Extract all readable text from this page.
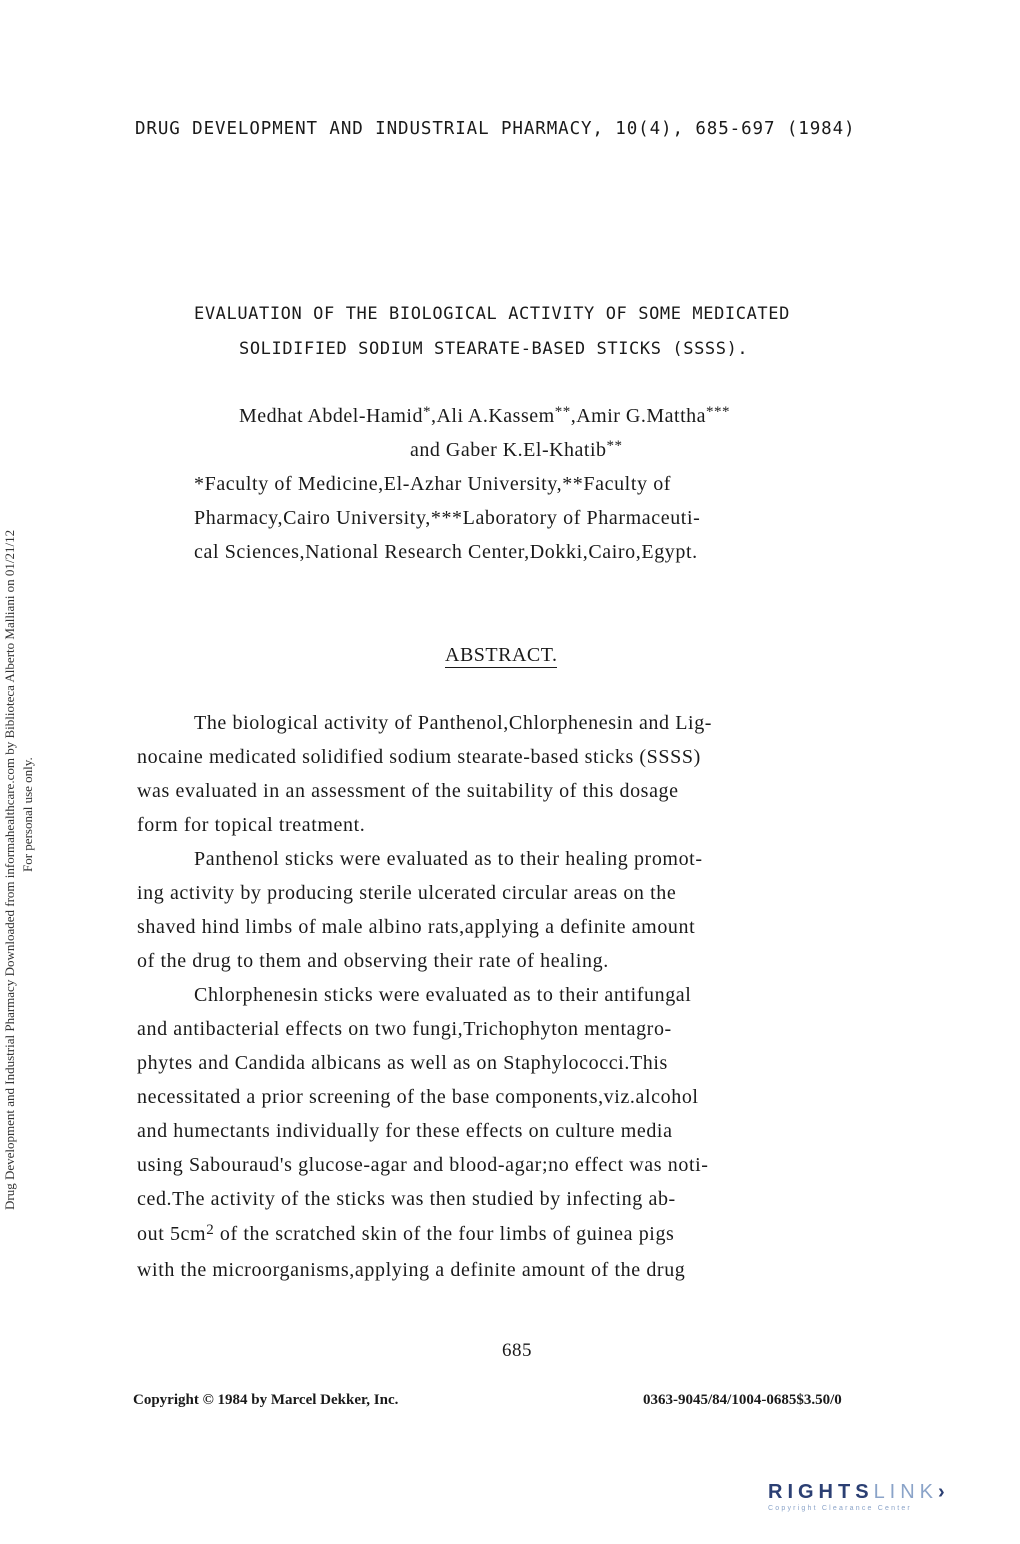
Drug Development and Industrial Pharmacy Downloaded from informahealthcare.com by Biblioteca Alberto Malliani on 01/21/12 For personal use only.
DRUG DEVELOPMENT AND INDUSTRIAL PHARMACY, 10(4), 685-697 (1984)
EVALUATION OF THE BIOLOGICAL ACTIVITY OF SOME MEDICATED
SOLIDIFIED SODIUM STEARATE-BASED STICKS (SSSS).
Medhat Abdel-Hamid*,Ali A.Kassem**,Amir G.Mattha***
and Gaber K.El-Khatib**
*Faculty of Medicine,El-Azhar University,**Faculty of
Pharmacy,Cairo University,***Laboratory of Pharmaceuti-
cal Sciences,National Research Center,Dokki,Cairo,Egypt.
ABSTRACT.
The biological activity of Panthenol,Chlorphenesin and Lig-
nocaine medicated solidified sodium stearate-based sticks (SSSS)
was evaluated in an assessment of the suitability of this dosage
form for topical treatment.
Panthenol sticks were evaluated as to their healing promot-
ing activity by producing sterile ulcerated circular areas on the
shaved hind limbs of male albino rats,applying a definite amount
of the drug to them and observing their rate of healing.
Chlorphenesin sticks were evaluated as to their antifungal
and antibacterial effects on two fungi,Trichophyton mentagro-
phytes and Candida albicans as well as on Staphylococci.This
necessitated a prior screening of the base components,viz.alcohol
and humectants individually for these effects on culture media
using Sabouraud's glucose-agar and blood-agar;no effect was noti-
ced.The activity of the sticks was then studied by infecting ab-
out $5cm^2$ of the scratched skin of the four limbs of guinea pigs
with the microorganisms,applying a definite amount of the drug
685
Copyright © 1984 by Marcel Dekker, Inc.	0363-9045/84/1004-0685$3.50/0
RIGHTSLINK›
Copyright Clearance Center
